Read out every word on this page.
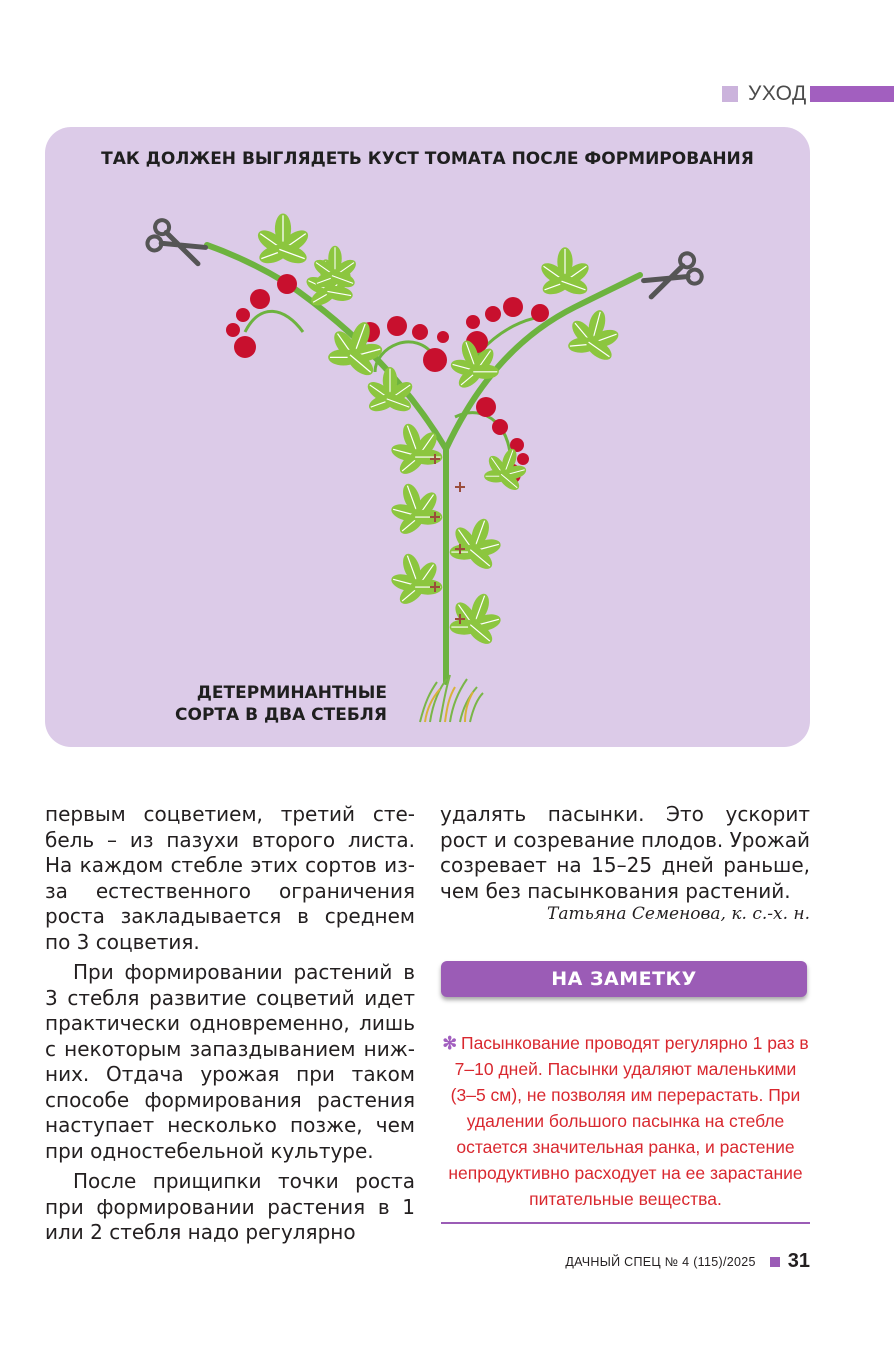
УХОД
ТАК ДОЛЖЕН ВЫГЛЯДЕТЬ КУСТ ТОМАТА ПОСЛЕ ФОРМИРОВАНИЯ
ДЕТЕРМИНАНТНЫЕ
СОРТА В ДВА СТЕБЛЯ

первым соцветием, третий стебель – из пазухи второго листа. На каждом стебле этих сортов из-за естественного ограничения роста закладывается в среднем по 3 соцветия.

При формировании растений в 3 стебля развитие соцветий идет практически одновременно, лишь с некоторым запаздыванием нижних. Отдача урожая при таком способе формирования растения наступает несколько позже, чем при одностебельной культуре.

После прищипки точки роста при формировании растения в 1 или 2 стебля надо регулярно

удалять пасынки. Это ускорит рост и созревание плодов. Урожай созревает на 15–25 дней раньше, чем без пасынкования растений.

Татьяна Семенова, к. с.-х. н.
НА ЗАМЕТКУ
✻ Пасынкование проводят регулярно 1 раз в 7–10 дней. Пасынки удаляют маленькими (3–5 см), не позволяя им перерастать. При удалении большого пасынка на стебле остается значительная ранка, и растение непродуктивно расходует на ее зарастание питательные вещества.
ДАЧНЫЙ СПЕЦ № 4 (115)/2025 31
